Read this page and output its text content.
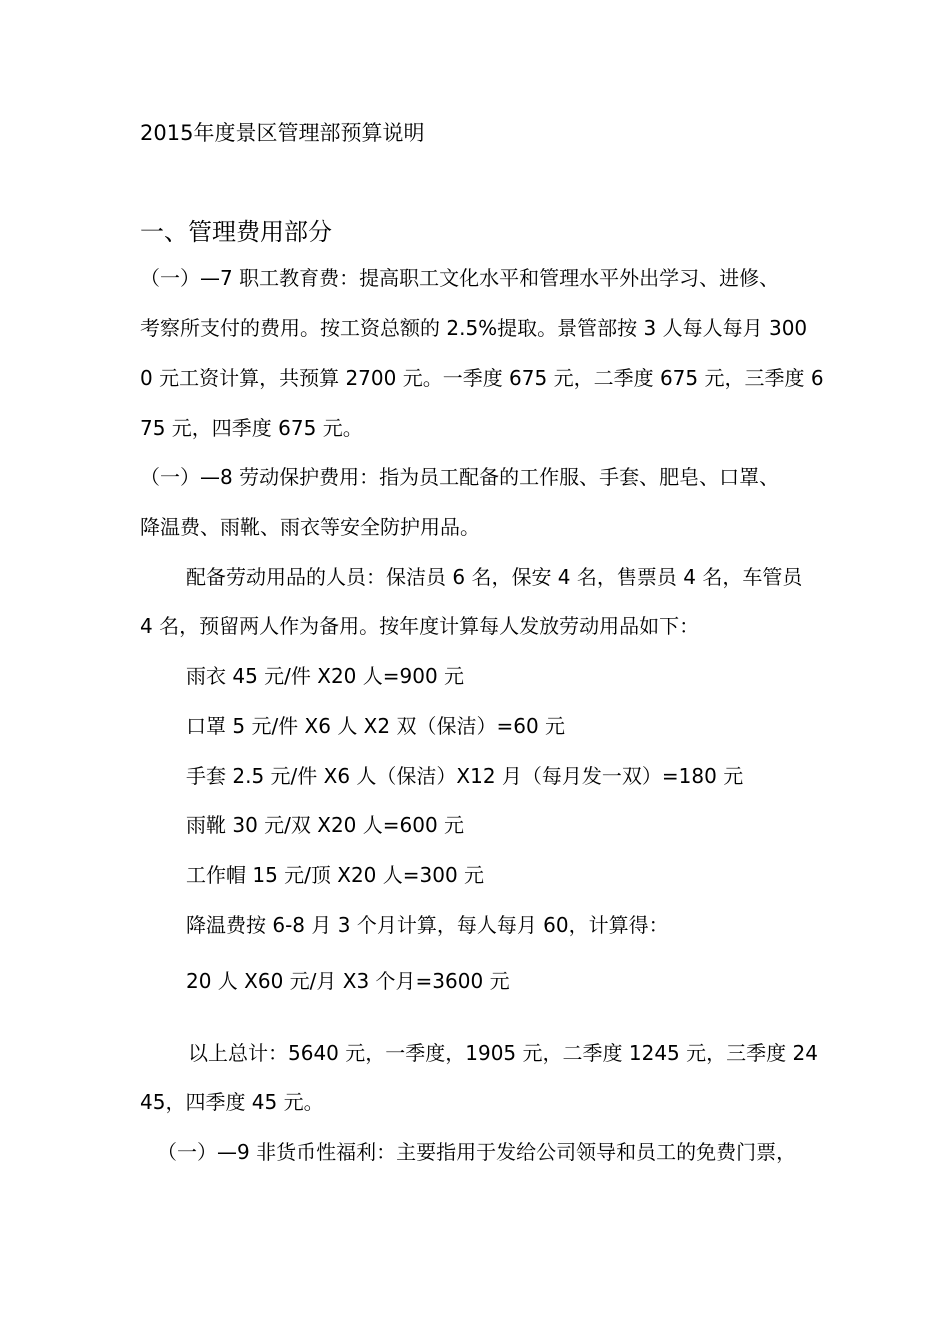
2015年度景区管理部预算说明
一、管理费用部分
（一）—7 职工教育费：提高职工文化水平和管理水平外出学习、进修、
考察所支付的费用。按工资总额的 2.5%提取。景管部按 3 人每人每月 300
0 元工资计算，共预算 2700 元。一季度 675 元，二季度 675 元，三季度 6
75 元，四季度 675 元。
（一）—8 劳动保护费用：指为员工配备的工作服、手套、肥皂、口罩、
降温费、雨靴、雨衣等安全防护用品。
配备劳动用品的人员：保洁员 6 名，保安 4 名，售票员 4 名，车管员
4 名，预留两人作为备用。按年度计算每人发放劳动用品如下：
雨衣 45 元/件 X20 人=900 元
口罩 5 元/件 X6 人 X2 双（保洁）=60 元
手套 2.5 元/件 X6 人（保洁）X12 月（每月发一双）=180 元
雨靴 30 元/双 X20 人=600 元
工作帽 15 元/顶 X20 人=300 元
降温费按 6-8 月 3 个月计算，每人每月 60，计算得：
20 人 X60 元/月 X3 个月=3600 元
以上总计：5640 元，一季度，1905 元，二季度 1245 元，三季度 24
45，四季度 45 元。
（一）—9 非货币性福利：主要指用于发给公司领导和员工的免费门票，
